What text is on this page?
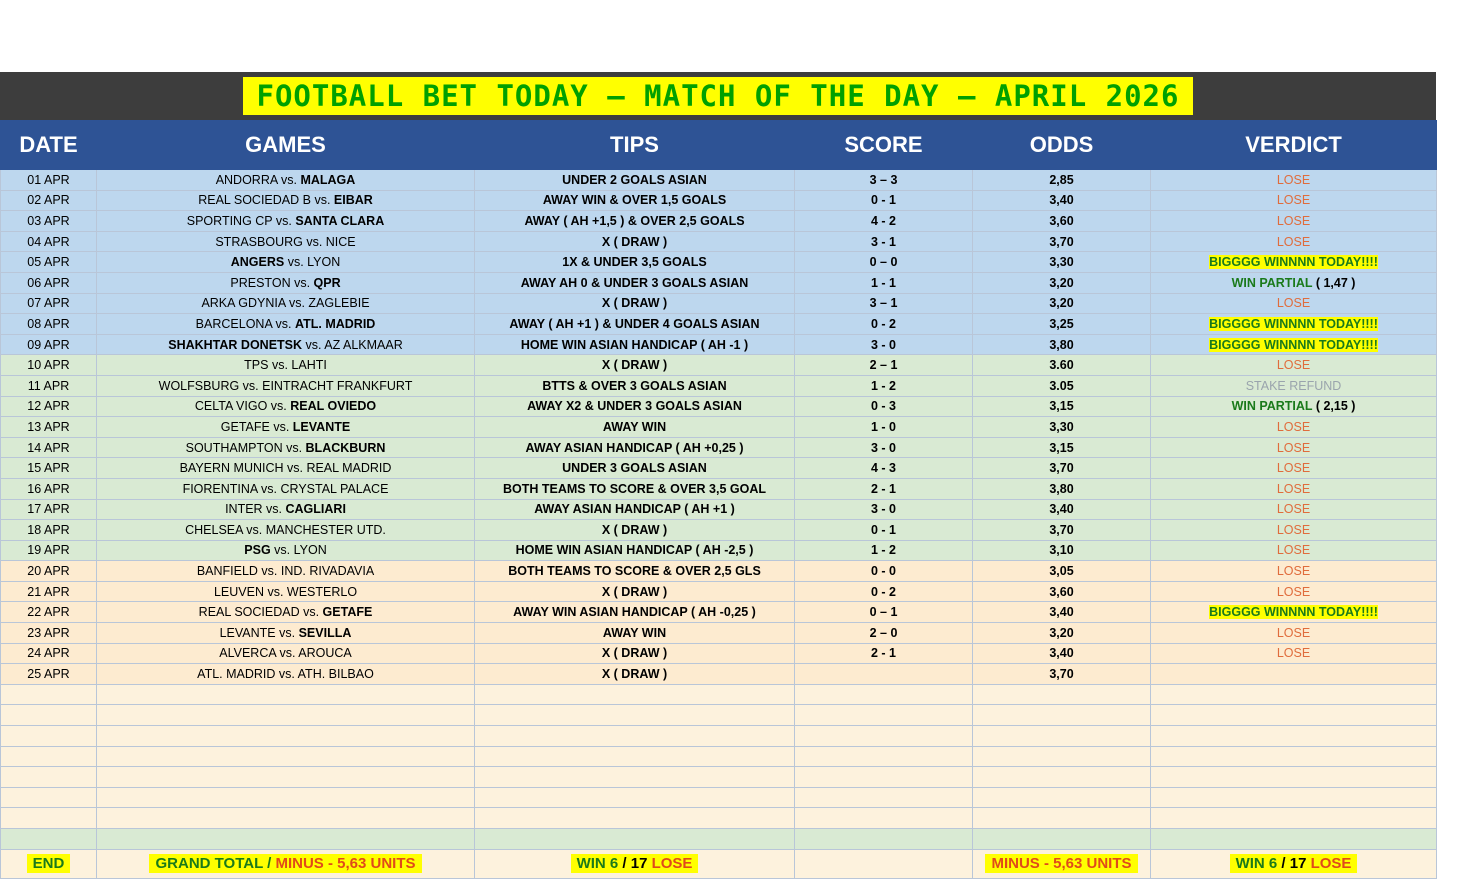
FOOTBALL BET TODAY – MATCH OF THE DAY – APRIL 2026
DATE	GAMES	TIPS	SCORE	ODDS	VERDICT
01 APR	ANDORRA vs. MALAGA	UNDER 2 GOALS ASIAN	3 – 3	2,85	LOSE
02 APR	REAL SOCIEDAD B vs. EIBAR	AWAY WIN & OVER 1,5 GOALS	0 - 1	3,40	LOSE
03 APR	SPORTING CP vs. SANTA CLARA	AWAY ( AH +1,5 ) & OVER 2,5 GOALS	4 - 2	3,60	LOSE
04 APR	STRASBOURG vs. NICE	X ( DRAW )	3 - 1	3,70	LOSE
05 APR	ANGERS vs. LYON	1X & UNDER 3,5 GOALS	0 – 0	3,30	BIGGGG WINNNN TODAY!!!!
06 APR	PRESTON vs. QPR	AWAY AH 0 & UNDER 3 GOALS ASIAN	1 - 1	3,20	WIN PARTIAL ( 1,47 )
07 APR	ARKA GDYNIA vs. ZAGLEBIE	X ( DRAW )	3 – 1	3,20	LOSE
08 APR	BARCELONA vs. ATL. MADRID	AWAY ( AH +1 ) & UNDER 4 GOALS ASIAN	0 - 2	3,25	BIGGGG WINNNN TODAY!!!!
09 APR	SHAKHTAR DONETSK vs. AZ ALKMAAR	HOME WIN ASIAN HANDICAP ( AH -1 )	3 - 0	3,80	BIGGGG WINNNN TODAY!!!!
10 APR	TPS vs. LAHTI	X ( DRAW )	2 – 1	3.60	LOSE
11 APR	WOLFSBURG vs. EINTRACHT FRANKFURT	BTTS & OVER 3 GOALS ASIAN	1 - 2	3.05	STAKE REFUND
12 APR	CELTA VIGO vs. REAL OVIEDO	AWAY X2 & UNDER 3 GOALS ASIAN	0 - 3	3,15	WIN PARTIAL ( 2,15 )
13 APR	GETAFE vs. LEVANTE	AWAY WIN	1 - 0	3,30	LOSE
14 APR	SOUTHAMPTON vs. BLACKBURN	AWAY ASIAN HANDICAP ( AH +0,25 )	3 - 0	3,15	LOSE
15 APR	BAYERN MUNICH vs. REAL MADRID	UNDER 3 GOALS ASIAN	4 - 3	3,70	LOSE
16 APR	FIORENTINA vs. CRYSTAL PALACE	BOTH TEAMS TO SCORE & OVER 3,5 GOAL	2 - 1	3,80	LOSE
17 APR	INTER vs. CAGLIARI	AWAY ASIAN HANDICAP ( AH +1 )	3 - 0	3,40	LOSE
18 APR	CHELSEA vs. MANCHESTER UTD.	X ( DRAW )	0 - 1	3,70	LOSE
19 APR	PSG vs. LYON	HOME WIN ASIAN HANDICAP ( AH -2,5 )	1 - 2	3,10	LOSE
20 APR	BANFIELD vs. IND. RIVADAVIA	BOTH TEAMS TO SCORE & OVER 2,5 GLS	0 - 0	3,05	LOSE
21 APR	LEUVEN vs. WESTERLO	X ( DRAW )	0 - 2	3,60	LOSE
22 APR	REAL SOCIEDAD vs. GETAFE	AWAY WIN ASIAN HANDICAP ( AH -0,25 )	0 – 1	3,40	BIGGGG WINNNN TODAY!!!!
23 APR	LEVANTE vs. SEVILLA	AWAY WIN	2 – 0	3,20	LOSE
24 APR	ALVERCA vs. AROUCA	X ( DRAW )	2 - 1	3,40	LOSE
25 APR	ATL. MADRID vs. ATH. BILBAO	X ( DRAW )		3,70	

END	GRAND TOTAL / MINUS - 5,63 UNITS	WIN 6 / 17 LOSE		MINUS - 5,63 UNITS	WIN 6 / 17 LOSE
